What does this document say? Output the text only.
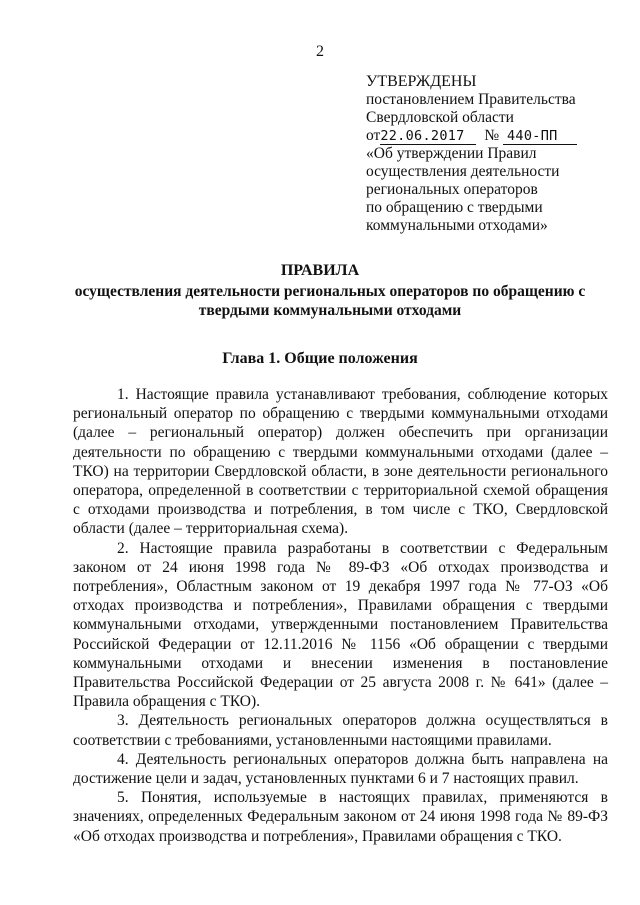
2
УТВЕРЖДЕНЫ
постановлением Правительства
Свердловской области
от22.06.2017 № 440-ПП
«Об утверждении Правил
осуществления деятельности
региональных операторов
по обращению с твердыми
коммунальными отходами»
ПРАВИЛА
осуществления деятельности региональных операторов по обращению с твердыми коммунальными отходами
Глава 1. Общие положения

1. Настоящие правила устанавливают требования, соблюдение которых региональный оператор по обращению с твердыми коммунальными отходами (далее – региональный оператор) должен обеспечить при организации деятельности по обращению с твердыми коммунальными отходами (далее – ТКО) на территории Свердловской области, в зоне деятельности регионального оператора, определенной в соответствии с территориальной схемой обращения с отходами производства и потребления, в том числе с ТКО, Свердловской области (далее – территориальная схема).

2. Настоящие правила разработаны в соответствии с Федеральным законом от 24 июня 1998 года № 89-ФЗ «Об отходах производства и потребления», Областным законом от 19 декабря 1997 года № 77-ОЗ «Об отходах производства и потребления», Правилами обращения с твердыми коммунальными отходами, утвержденными постановлением Правительства Российской Федерации от 12.11.2016 № 1156 «Об обращении с твердыми коммунальными отходами и внесении изменения в постановление Правительства Российской Федерации от 25 августа 2008 г. № 641» (далее – Правила обращения с ТКО).

3. Деятельность региональных операторов должна осуществляться в соответствии с требованиями, установленными настоящими правилами.

4. Деятельность региональных операторов должна быть направлена на достижение цели и задач, установленных пунктами 6 и 7 настоящих правил.

5. Понятия, используемые в настоящих правилах, применяются в значениях, определенных Федеральным законом от 24 июня 1998 года № 89-ФЗ «Об отходах производства и потребления», Правилами обращения с ТКО.
